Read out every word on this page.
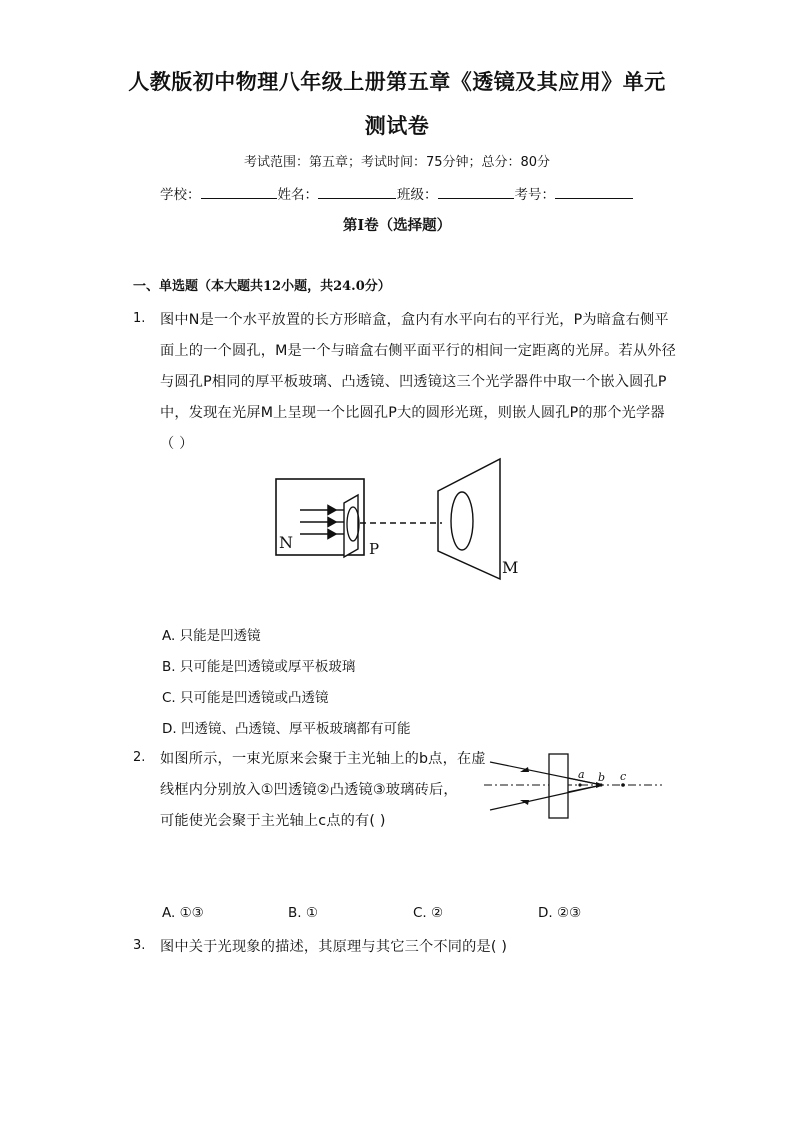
人教版初中物理八年级上册第五章《透镜及其应用》单元
测试卷
考试范围：第五章；考试时间：75分钟；总分：80分
学校：	姓名：	班级：	考号：
第Ⅰ卷（选择题）
一、单选题（本大题共12小题，共24.0分）
1. 图中N是一个水平放置的长方形暗盒，盒内有水平向右的平行光，P为暗盒右侧平
面上的一个圆孔，M是一个与暗盒右侧平面平行的相间一定距离的光屏。若从外径
与圆孔P相同的厚平板玻璃、凸透镜、凹透镜这三个光学器件中取一个嵌入圆孔P
中，发现在光屏M上呈现一个比圆孔P大的圆形光斑，则嵌人圆孔P的那个光学器
（ ）
N	P
M
A. 只能是凹透镜
B. 只可能是凹透镜或厚平板玻璃
C. 只可能是凹透镜或凸透镜
D. 凹透镜、凸透镜、厚平板玻璃都有可能
2. 如图所示，一束光原来会聚于主光轴上的b点，在虚
线框内分别放入①凹透镜②凸透镜③玻璃砖后，
可能使光会聚于主光轴上c点的有( )
a b c
A. ①③	B. ①	C. ②	D. ②③
3. 图中关于光现象的描述，其原理与其它三个不同的是( )
